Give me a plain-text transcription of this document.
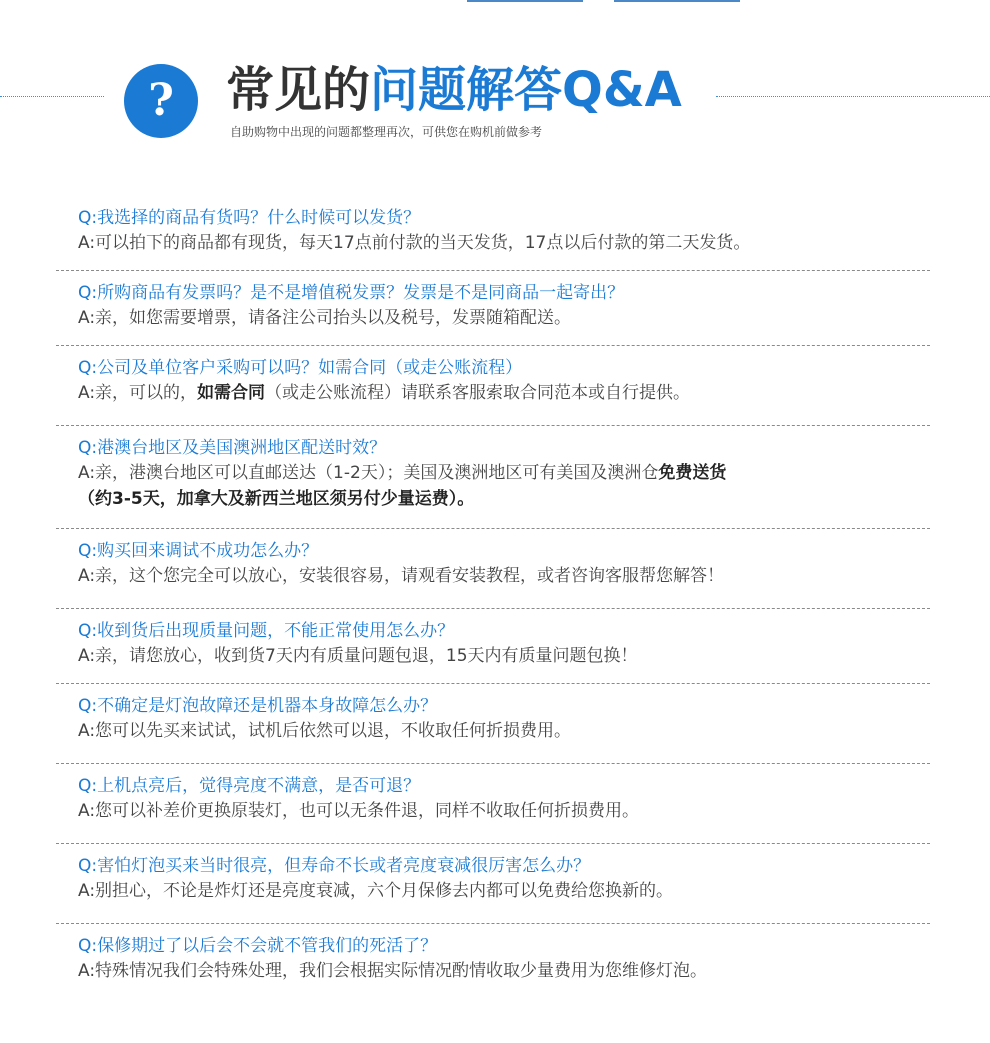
?	常见的问题解答Q&A
自助购物中出现的问题都整理再次，可供您在购机前做参考
Q:我选择的商品有货吗？什么时候可以发货？
A:可以拍下的商品都有现货，每天17点前付款的当天发货，17点以后付款的第二天发货。
Q:所购商品有发票吗？是不是增值税发票？发票是不是同商品一起寄出？
A:亲，如您需要增票，请备注公司抬头以及税号，发票随箱配送。
Q:公司及单位客户采购可以吗？如需合同（或走公账流程）
A:亲，可以的，如需合同（或走公账流程）请联系客服索取合同范本或自行提供。
Q:港澳台地区及美国澳洲地区配送时效？
A:亲，港澳台地区可以直邮送达（1-2天）；美国及澳洲地区可有美国及澳洲仓免费送货
（约3-5天，加拿大及新西兰地区须另付少量运费）。
Q:购买回来调试不成功怎么办？
A:亲，这个您完全可以放心，安装很容易，请观看安装教程，或者咨询客服帮您解答！
Q:收到货后出现质量问题，不能正常使用怎么办？
A:亲，请您放心，收到货7天内有质量问题包退，15天内有质量问题包换！
Q:不确定是灯泡故障还是机器本身故障怎么办？
A:您可以先买来试试，试机后依然可以退，不收取任何折损费用。
Q:上机点亮后，觉得亮度不满意，是否可退？
A:您可以补差价更换原装灯，也可以无条件退，同样不收取任何折损费用。
Q:害怕灯泡买来当时很亮，但寿命不长或者亮度衰减很厉害怎么办？
A:别担心，不论是炸灯还是亮度衰减，六个月保修去内都可以免费给您换新的。
Q:保修期过了以后会不会就不管我们的死活了？
A:特殊情况我们会特殊处理，我们会根据实际情况酌情收取少量费用为您维修灯泡。
